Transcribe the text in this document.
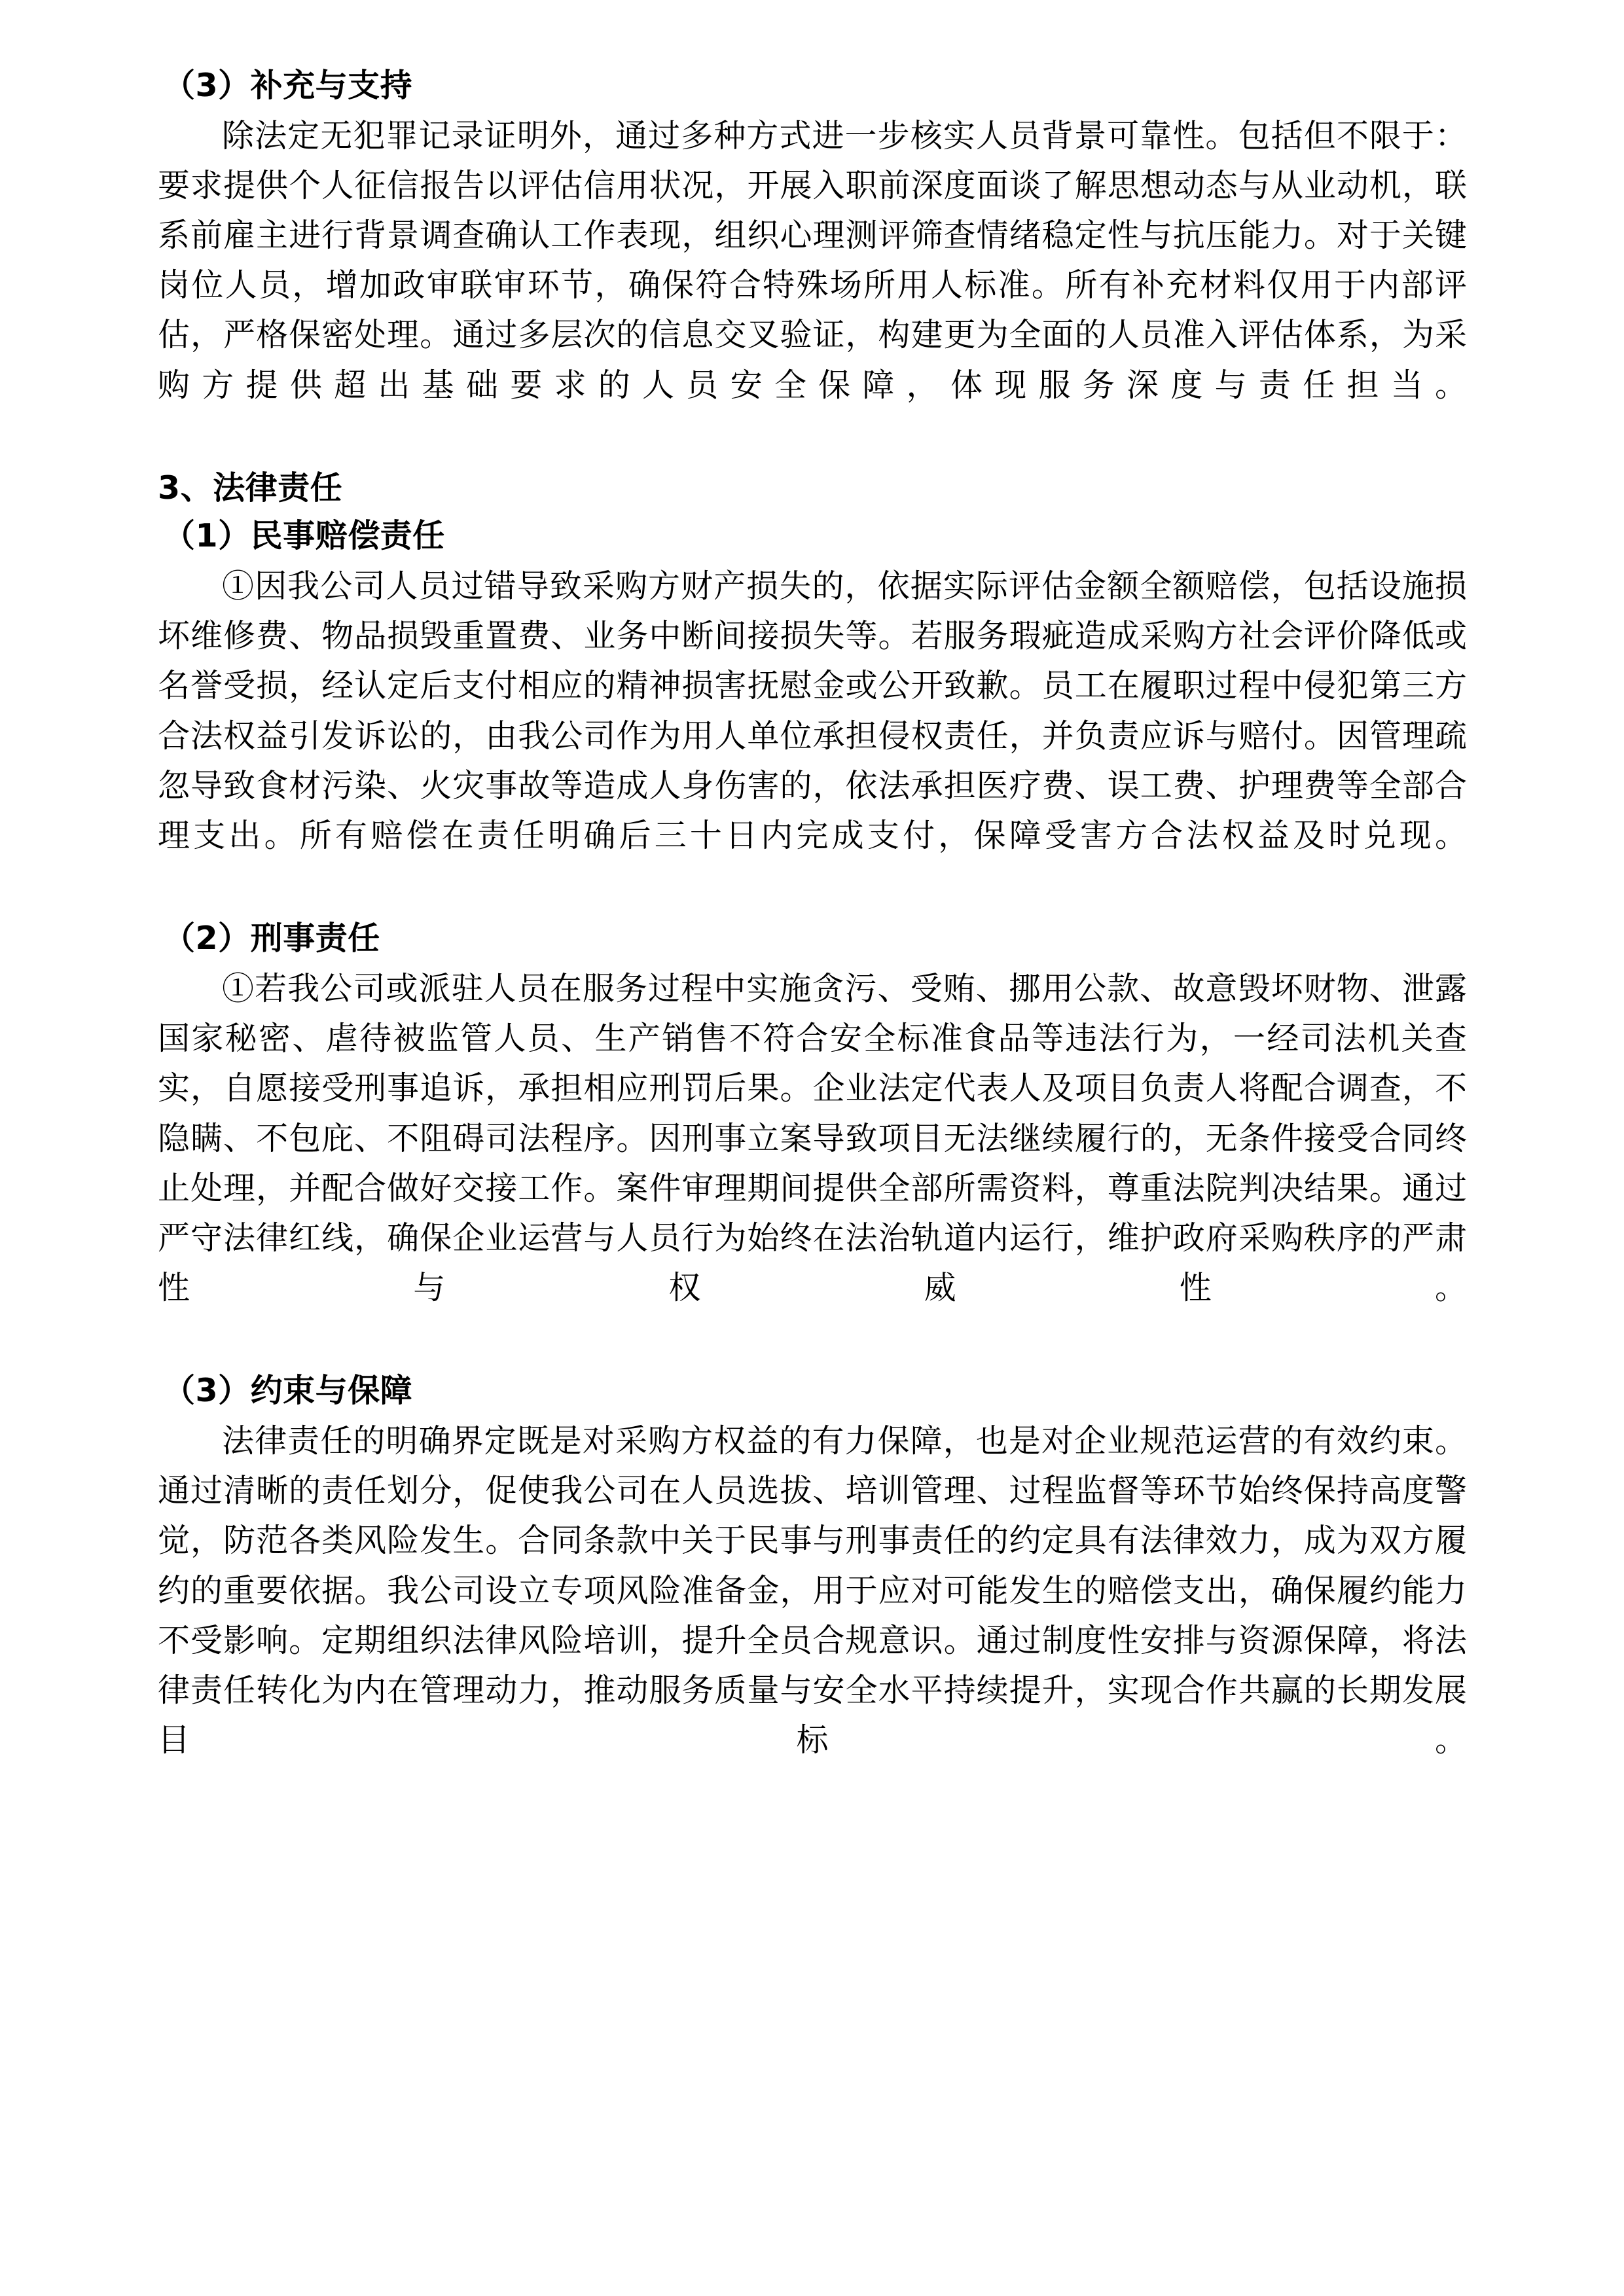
（3）补充与支持

除法定无犯罪记录证明外，通过多种方式进一步核实人员背景可靠性。包括但不限于：要求提供个人征信报告以评估信用状况，开展入职前深度面谈了解思想动态与从业动机，联系前雇主进行背景调查确认工作表现，组织心理测评筛查情绪稳定性与抗压能力。对于关键岗位人员，增加政审联审环节，确保符合特殊场所用人标准。所有补充材料仅用于内部评估，严格保密处理。通过多层次的信息交叉验证，构建更为全面的人员准入评估体系，为采购方提供超出基础要求的人员安全保障，体现服务深度与责任担当。

3、法律责任
（1）民事赔偿责任

①因我公司人员过错导致采购方财产损失的，依据实际评估金额全额赔偿，包括设施损坏维修费、物品损毁重置费、业务中断间接损失等。若服务瑕疵造成采购方社会评价降低或名誉受损，经认定后支付相应的精神损害抚慰金或公开致歉。员工在履职过程中侵犯第三方合法权益引发诉讼的，由我公司作为用人单位承担侵权责任，并负责应诉与赔付。因管理疏忽导致食材污染、火灾事故等造成人身伤害的，依法承担医疗费、误工费、护理费等全部合理支出。所有赔偿在责任明确后三十日内完成支付，保障受害方合法权益及时兑现。

（2）刑事责任

①若我公司或派驻人员在服务过程中实施贪污、受贿、挪用公款、故意毁坏财物、泄露国家秘密、虐待被监管人员、生产销售不符合安全标准食品等违法行为，一经司法机关查实，自愿接受刑事追诉，承担相应刑罚后果。企业法定代表人及项目负责人将配合调查，不隐瞒、不包庇、不阻碍司法程序。因刑事立案导致项目无法继续履行的，无条件接受合同终止处理，并配合做好交接工作。案件审理期间提供全部所需资料，尊重法院判决结果。通过严守法律红线，确保企业运营与人员行为始终在法治轨道内运行，维护政府采购秩序的严肃性与权威性。

（3）约束与保障

法律责任的明确界定既是对采购方权益的有力保障，也是对企业规范运营的有效约束。通过清晰的责任划分，促使我公司在人员选拔、培训管理、过程监督等环节始终保持高度警觉，防范各类风险发生。合同条款中关于民事与刑事责任的约定具有法律效力，成为双方履约的重要依据。我公司设立专项风险准备金，用于应对可能发生的赔偿支出，确保履约能力不受影响。定期组织法律风险培训，提升全员合规意识。通过制度性安排与资源保障，将法律责任转化为内在管理动力，推动服务质量与安全水平持续提升，实现合作共赢的长期发展目标。
